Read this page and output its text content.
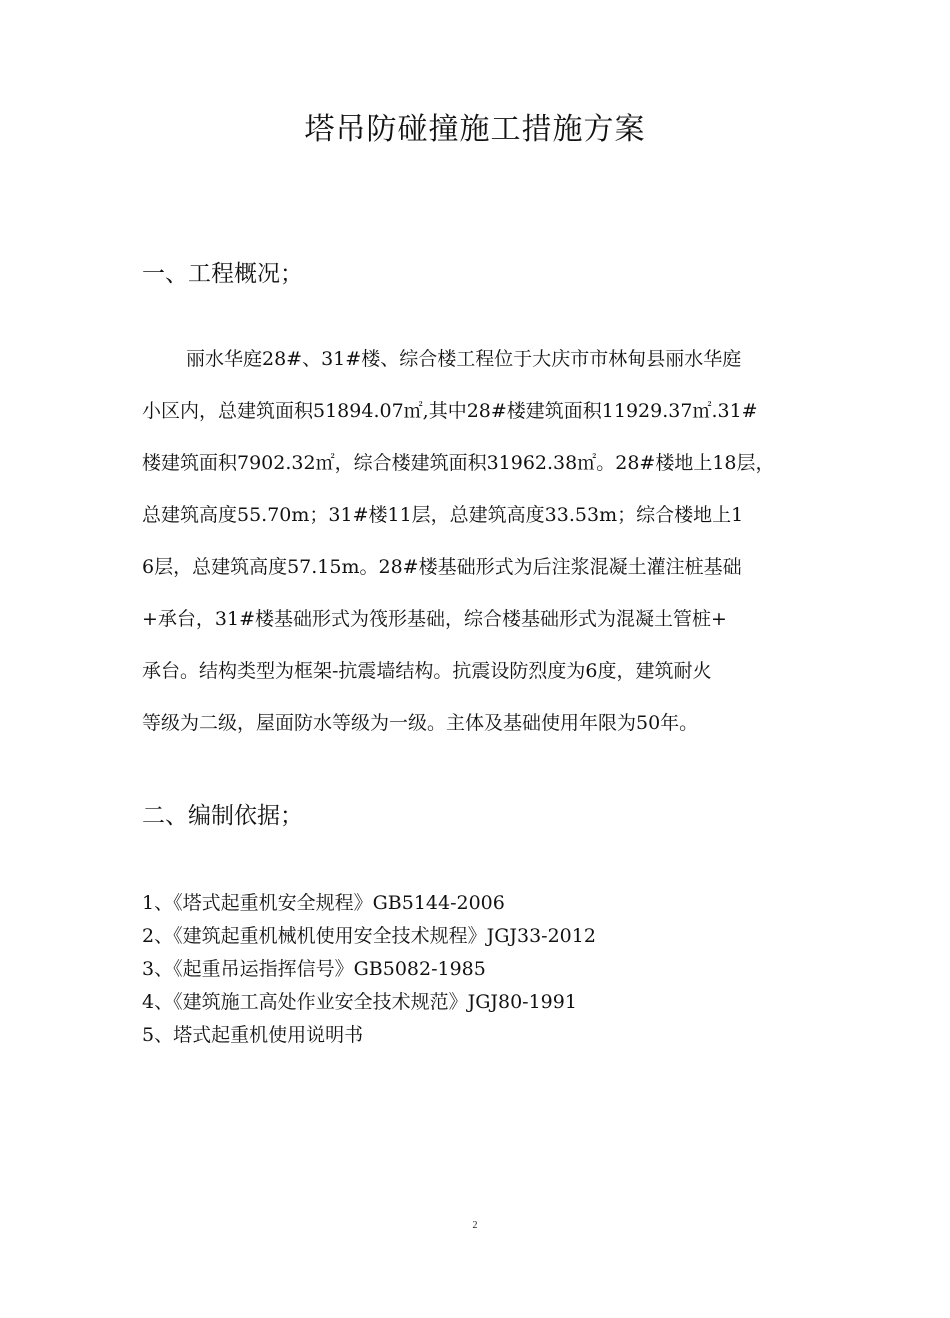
塔吊防碰撞施工措施方案
一、工程概况；
丽水华庭28#、31#楼、综合楼工程位于大庆市市林甸县丽水华庭
小区内，总建筑面积51894.07㎡,其中28#楼建筑面积11929.37㎡.31#
楼建筑面积7902.32㎡，综合楼建筑面积31962.38㎡。28#楼地上18层，
总建筑高度55.70m；31#楼11层，总建筑高度33.53m；综合楼地上1
6层，总建筑高度57.15m。28#楼基础形式为后注浆混凝土灌注桩基础
+承台，31#楼基础形式为筏形基础，综合楼基础形式为混凝土管桩+
承台。结构类型为框架-抗震墙结构。抗震设防烈度为6度，建筑耐火
等级为二级，屋面防水等级为一级。主体及基础使用年限为50年。
二、编制依据；
1、《塔式起重机安全规程》GB5144-2006
2、《建筑起重机械机使用安全技术规程》JGJ33-2012
3、《起重吊运指挥信号》GB5082-1985
4、《建筑施工高处作业安全技术规范》JGJ80-1991
5、塔式起重机使用说明书
2
